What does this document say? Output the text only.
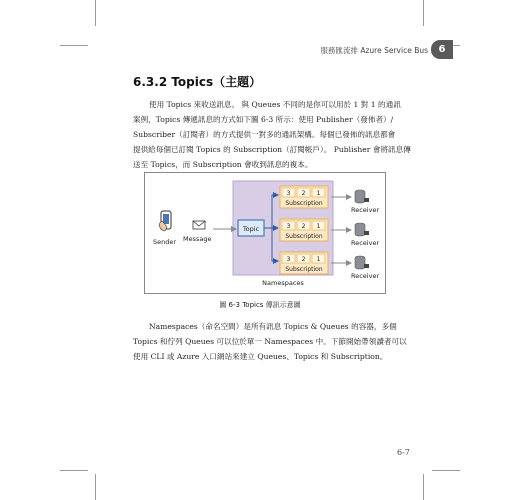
服務匯流排 Azure Service Bus	6
6.3.2 Topics（主題）
使用 Topics 來收送訊息。 與 Queues 不同的是你可以用於 1 對 1 的通訊
案例，Topics 傳遞訊息的方式如下圖 6-3 所示：使用 Publisher（發佈者）/
Subscriber（訂閱者）的方式提供一對多的通訊架構。每個已發佈的訊息都會
提供給每個已訂閱 Topics 的 Subscription（訂閱帳戶）。 Publisher 會將訊息傳
送至 Topics，而 Subscription 會收到訊息的複本。
Namespaces
Sender Message
Topic
3 2 1
Subscription
3 2 1
Subscription
3 2 1
Subscription
Receiver
Receiver
Receiver
圖 6-3 Topics 傳訊示意圖
Namespaces（命名空間）是所有訊息 Topics & Queues 的容器，多個
Topics 和佇列 Queues 可以位於單一 Namespaces 中。下節開始帶領讀者可以
使用 CLI 或 Azure 入口網站來建立 Queues、Topics 和 Subscription。
6-7
